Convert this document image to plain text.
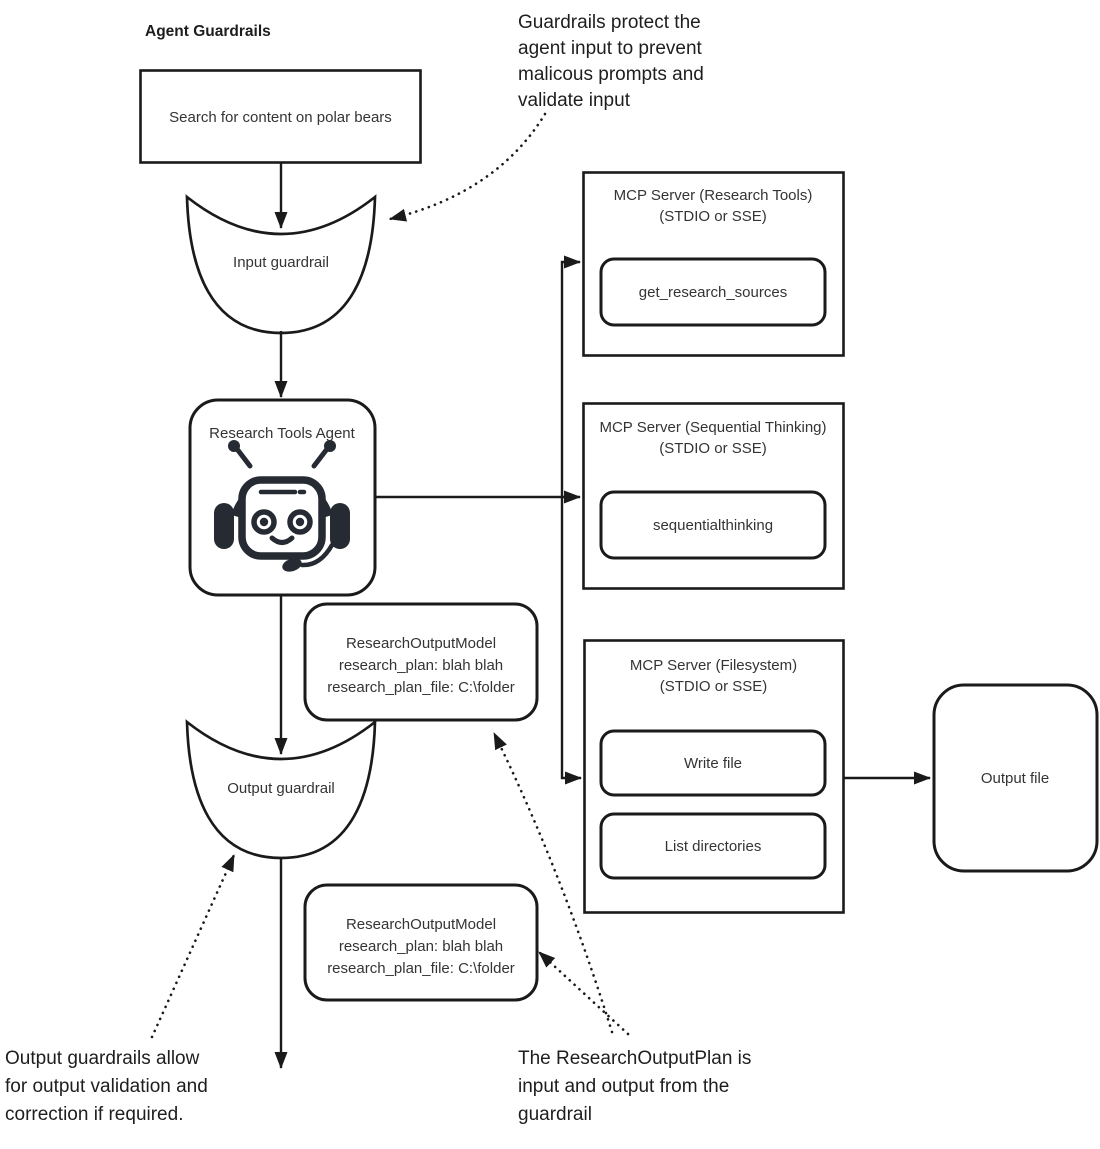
Agent Guardrails
Search for content on polar bears
Input guardrail
Research Tools Agent
Output guardrail
Output file
ResearchOutputModel
research_plan: blah blah
research_plan_file: C:\folder
ResearchOutputModel
research_plan: blah blah
research_plan_file: C:\folder
MCP Server (Research Tools)
(STDIO or SSE)
get_research_sources
MCP Server (Sequential Thinking)
(STDIO or SSE)
sequentialthinking
MCP Server (Filesystem)
(STDIO or SSE)
Write file
List directories
Guardrails protect the
agent input to prevent
malicous prompts and
validate input
Output guardrails allow
for output validation and
correction if required.
The ResearchOutputPlan is
input and output from the
guardrail
